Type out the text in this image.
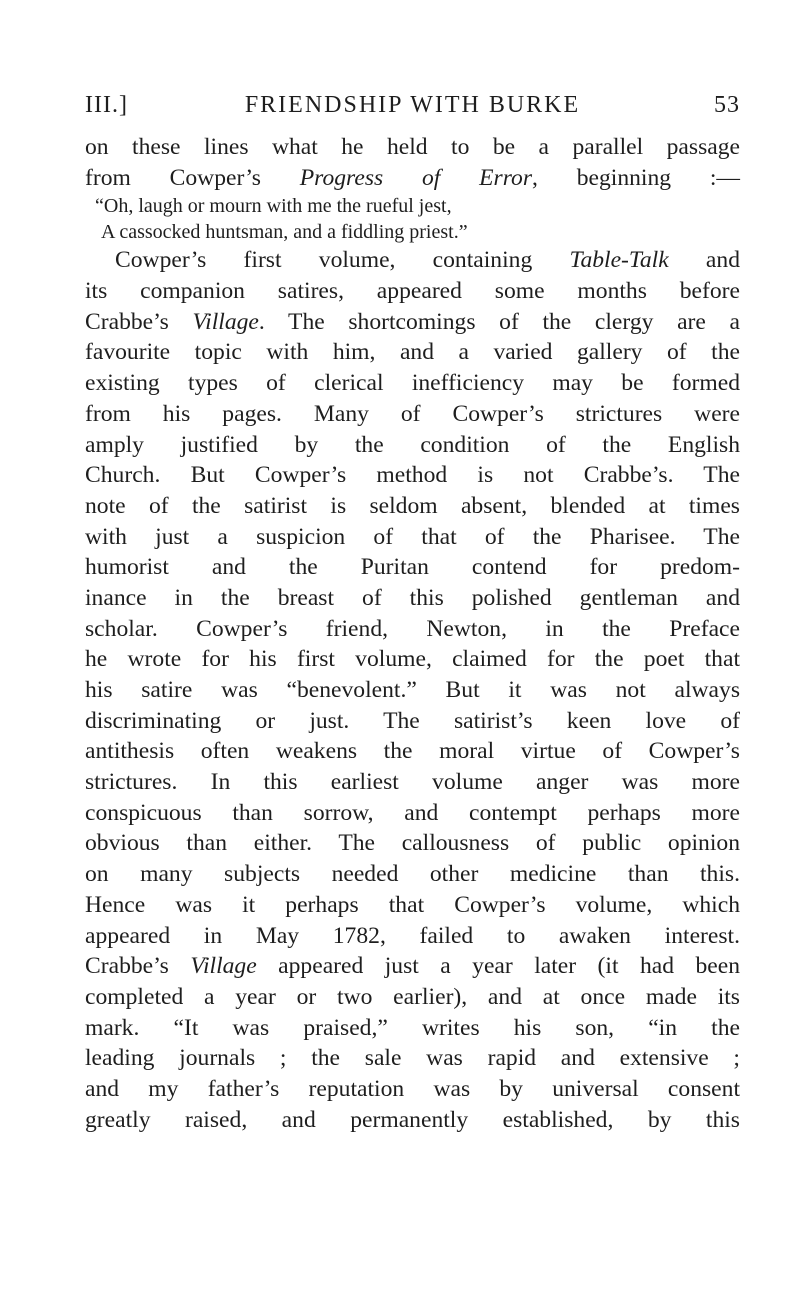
III.]	FRIENDSHIP WITH BURKE	53
on these lines what he held to be a parallel passage
from Cowper’s Progress of Error, beginning :—
“Oh, laugh or mourn with me the rueful jest,
A cassocked huntsman, and a fiddling priest.”
Cowper’s first volume, containing Table-Talk and
its companion satires, appeared some months before
Crabbe’s Village. The shortcomings of the clergy are a
favourite topic with him, and a varied gallery of the
existing types of clerical inefficiency may be formed
from his pages. Many of Cowper’s strictures were
amply justified by the condition of the English
Church. But Cowper’s method is not Crabbe’s. The
note of the satirist is seldom absent, blended at times
with just a suspicion of that of the Pharisee. The
humorist and the Puritan contend for predom-
inance in the breast of this polished gentleman and
scholar. Cowper’s friend, Newton, in the Preface
he wrote for his first volume, claimed for the poet that
his satire was “benevolent.” But it was not always
discriminating or just. The satirist’s keen love of
antithesis often weakens the moral virtue of Cowper’s
strictures. In this earliest volume anger was more
conspicuous than sorrow, and contempt perhaps more
obvious than either. The callousness of public opinion
on many subjects needed other medicine than this.
Hence was it perhaps that Cowper’s volume, which
appeared in May 1782, failed to awaken interest.
Crabbe’s Village appeared just a year later (it had been
completed a year or two earlier), and at once made its
mark. “It was praised,” writes his son, “in the
leading journals ; the sale was rapid and extensive ;
and my father’s reputation was by universal consent
greatly raised, and permanently established, by this
